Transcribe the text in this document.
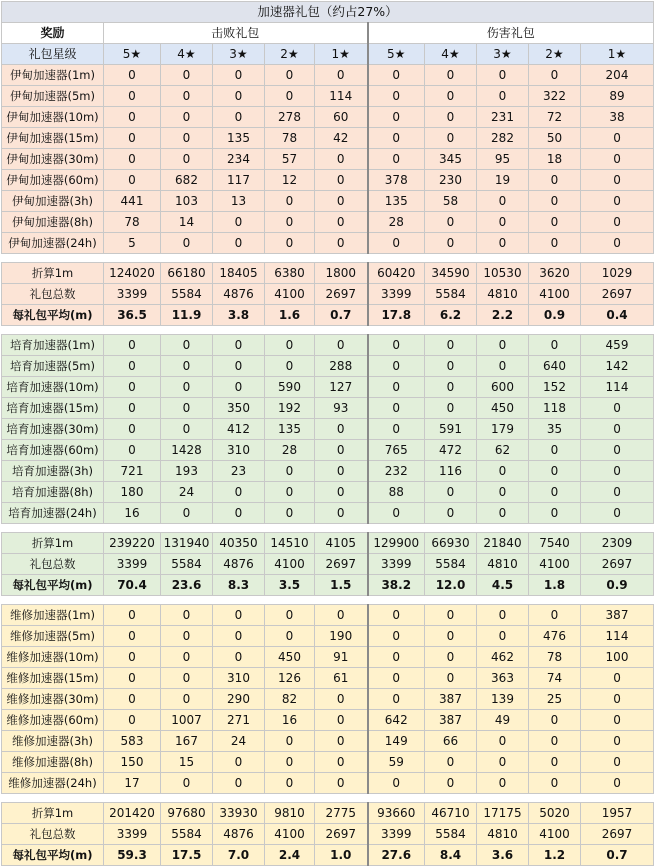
加速器礼包（约占27%）										
奖励	击败礼包					伤害礼包				
礼包星级	5★	4★	3★	2★	1★	5★	4★	3★	2★	1★
伊甸加速器(1m)	0	0	0	0	0	0	0	0	0	204
伊甸加速器(5m)	0	0	0	0	114	0	0	0	322	89
伊甸加速器(10m)	0	0	0	278	60	0	0	231	72	38
伊甸加速器(15m)	0	0	135	78	42	0	0	282	50	0
伊甸加速器(30m)	0	0	234	57	0	0	345	95	18	0
伊甸加速器(60m)	0	682	117	12	0	378	230	19	0	0
伊甸加速器(3h)	441	103	13	0	0	135	58	0	0	0
伊甸加速器(8h)	78	14	0	0	0	28	0	0	0	0
伊甸加速器(24h)	5	0	0	0	0	0	0	0	0	0

折算1m	124020	66180	18405	6380	1800	60420	34590	10530	3620	1029
礼包总数	3399	5584	4876	4100	2697	3399	5584	4810	4100	2697
每礼包平均(m)	36.5	11.9	3.8	1.6	0.7	17.8	6.2	2.2	0.9	0.4

培育加速器(1m)	0	0	0	0	0	0	0	0	0	459
培育加速器(5m)	0	0	0	0	288	0	0	0	640	142
培育加速器(10m)	0	0	0	590	127	0	0	600	152	114
培育加速器(15m)	0	0	350	192	93	0	0	450	118	0
培育加速器(30m)	0	0	412	135	0	0	591	179	35	0
培育加速器(60m)	0	1428	310	28	0	765	472	62	0	0
培育加速器(3h)	721	193	23	0	0	232	116	0	0	0
培育加速器(8h)	180	24	0	0	0	88	0	0	0	0
培育加速器(24h)	16	0	0	0	0	0	0	0	0	0

折算1m	239220	131940	40350	14510	4105	129900	66930	21840	7540	2309
礼包总数	3399	5584	4876	4100	2697	3399	5584	4810	4100	2697
每礼包平均(m)	70.4	23.6	8.3	3.5	1.5	38.2	12.0	4.5	1.8	0.9

维修加速器(1m)	0	0	0	0	0	0	0	0	0	387
维修加速器(5m)	0	0	0	0	190	0	0	0	476	114
维修加速器(10m)	0	0	0	450	91	0	0	462	78	100
维修加速器(15m)	0	0	310	126	61	0	0	363	74	0
维修加速器(30m)	0	0	290	82	0	0	387	139	25	0
维修加速器(60m)	0	1007	271	16	0	642	387	49	0	0
维修加速器(3h)	583	167	24	0	0	149	66	0	0	0
维修加速器(8h)	150	15	0	0	0	59	0	0	0	0
维修加速器(24h)	17	0	0	0	0	0	0	0	0	0

折算1m	201420	97680	33930	9810	2775	93660	46710	17175	5020	1957
礼包总数	3399	5584	4876	4100	2697	3399	5584	4810	4100	2697
每礼包平均(m)	59.3	17.5	7.0	2.4	1.0	27.6	8.4	3.6	1.2	0.7
